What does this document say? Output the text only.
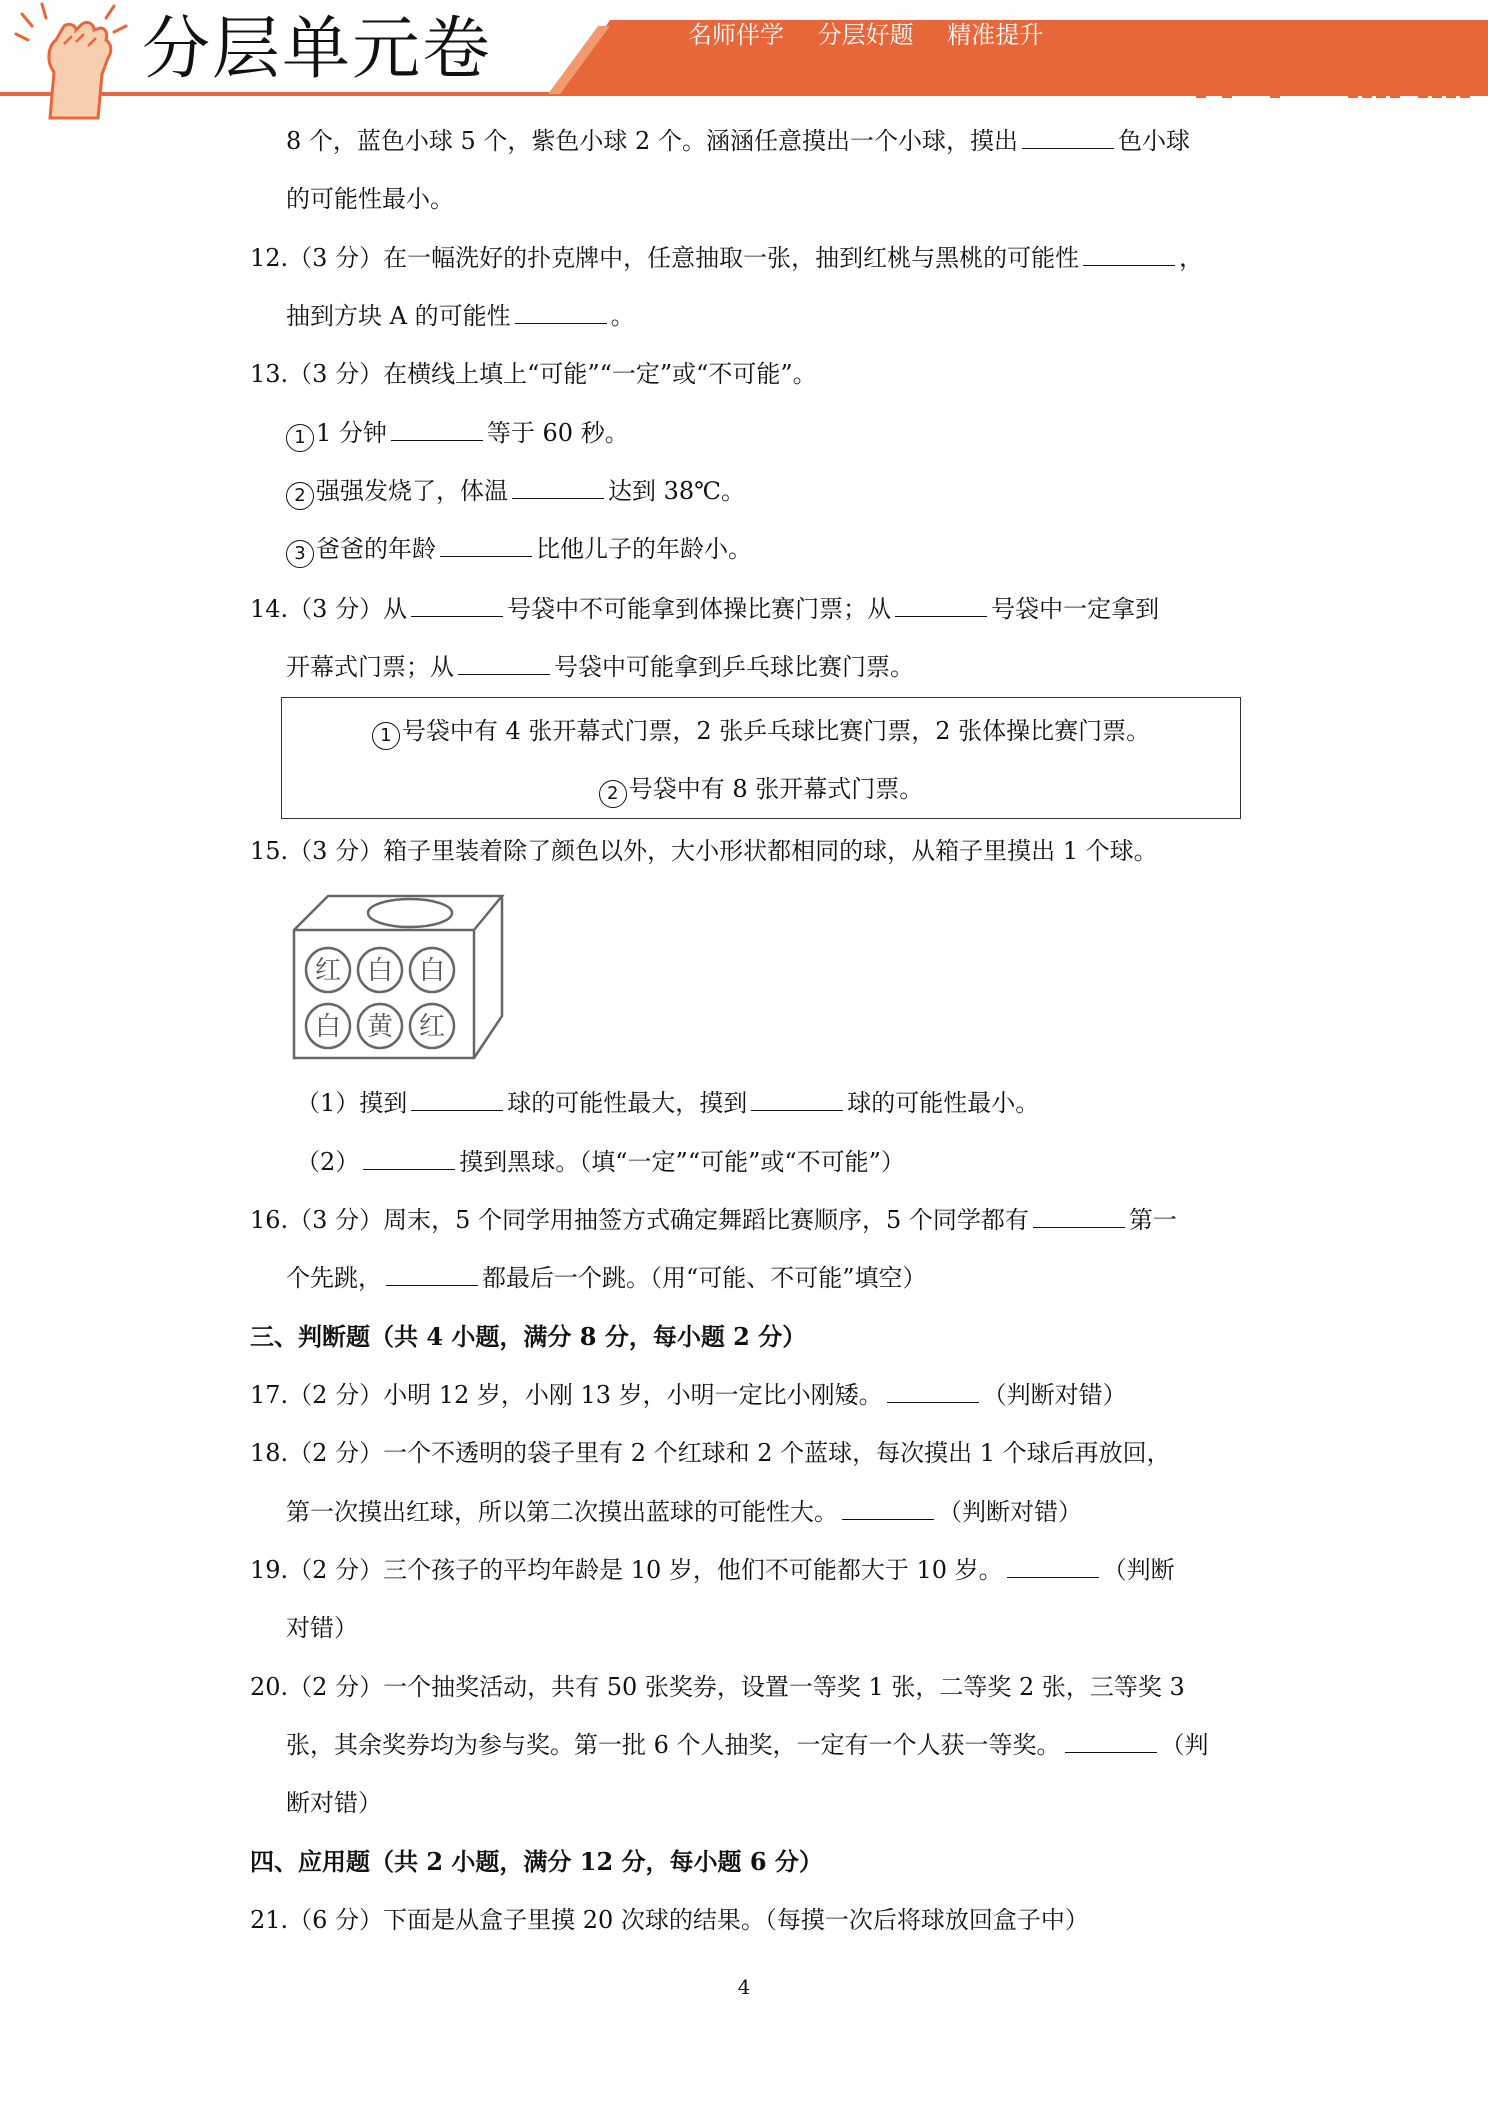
分层单元卷	名师伴学 分层好题 精准提升
8 个，蓝色小球 5 个，紫色小球 2 个。涵涵任意摸出一个小球，摸出	色小球
的可能性最小。
12.（3 分）在一幅洗好的扑克牌中，任意抽取一张，抽到红桃与黑桃的可能性	，
抽到方块 A 的可能性	。
13.（3 分）在横线上填上“可能”“一定”或“不可能”。
1 1 分钟	等于 60 秒。
2 强强发烧了，体温	达到 38℃。
3 爸爸的年龄	比他儿子的年龄小。
14.（3 分）从	号袋中不可能拿到体操比赛门票；从	号袋中一定拿到
开幕式门票；从	号袋中可能拿到乒乓球比赛门票。
1 号袋中有 4 张开幕式门票，2 张乒乓球比赛门票，2 张体操比赛门票。
2 号袋中有 8 张开幕式门票。
15.（3 分）箱子里装着除了颜色以外，大小形状都相同的球，从箱子里摸出 1 个球。
红 白 白
白 黄 红
（1）摸到	球的可能性最大，摸到	球的可能性最小。
（2）	摸到黑球。（填“一定”“可能”或“不可能”）
16.（3 分）周末，5 个同学用抽签方式确定舞蹈比赛顺序，5 个同学都有	第一
个先跳，	都最后一个跳。（用“可能、不可能”填空）
三、判断题（共 4 小题，满分 8 分，每小题 2 分）
17.（2 分）小明 12 岁，小刚 13 岁，小明一定比小刚矮。	（判断对错）
18.（2 分）一个不透明的袋子里有 2 个红球和 2 个蓝球，每次摸出 1 个球后再放回，
第一次摸出红球，所以第二次摸出蓝球的可能性大。	（判断对错）
19.（2 分）三个孩子的平均年龄是 10 岁，他们不可能都大于 10 岁。	（判断
对错）
20.（2 分）一个抽奖活动，共有 50 张奖券，设置一等奖 1 张，二等奖 2 张，三等奖 3
张，其余奖券均为参与奖。第一批 6 个人抽奖，一定有一个人获一等奖。	（判
断对错）
四、应用题（共 2 小题，满分 12 分，每小题 6 分）
21.（6 分）下面是从盒子里摸 20 次球的结果。（每摸一次后将球放回盒子中）
4
